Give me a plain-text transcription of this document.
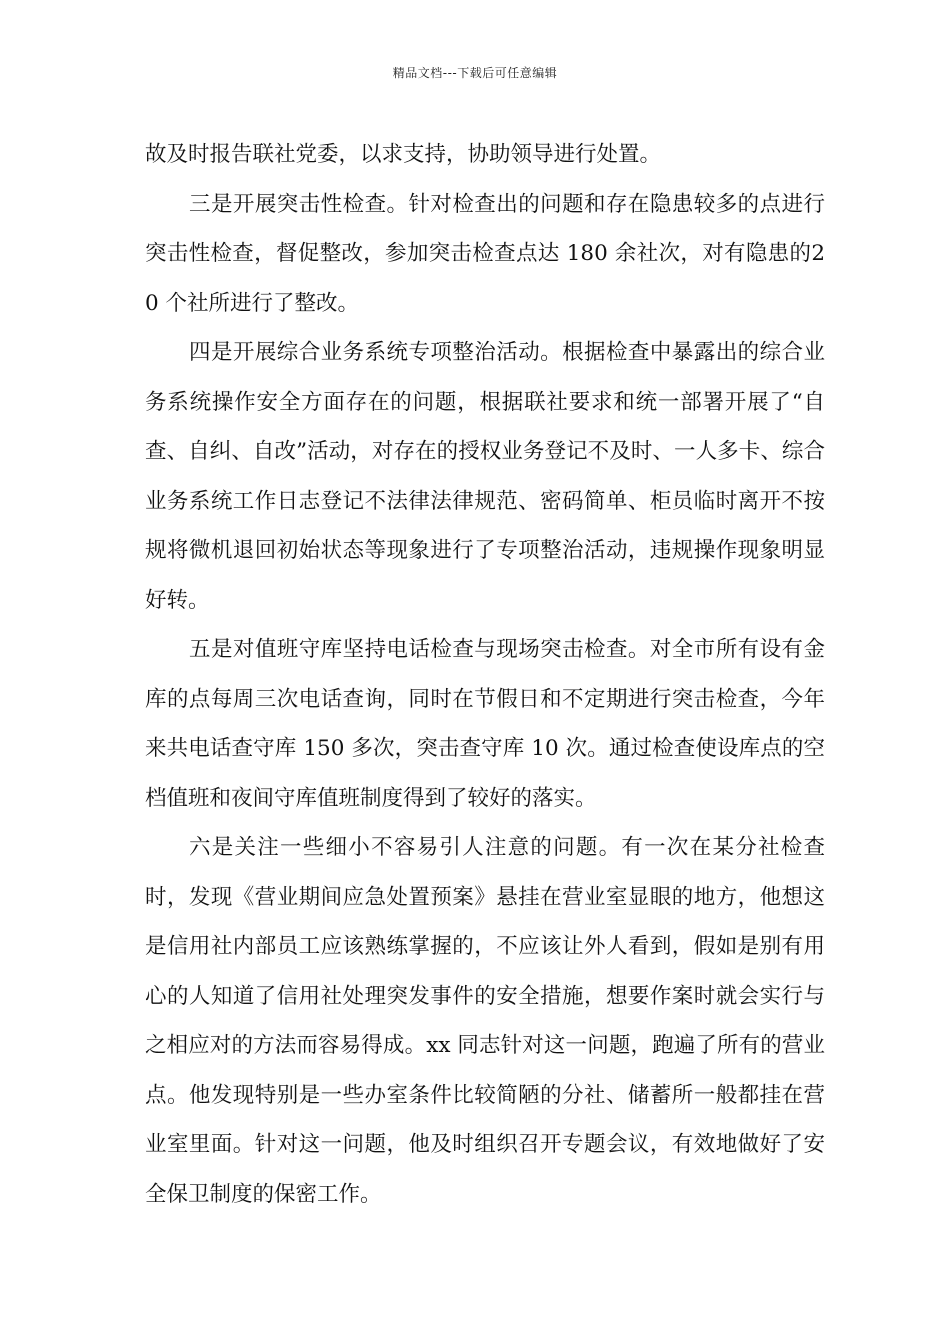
精品文档---下载后可任意编辑

故及时报告联社党委，以求支持，协助领导进行处置。

三是开展突击性检查。针对检查出的问题和存在隐患较多的点进行突击性检查，督促整改，参加突击检查点达 180 余社次，对有隐患的20 个社所进行了整改。

四是开展综合业务系统专项整治活动。根据检查中暴露出的综合业务系统操作安全方面存在的问题，根据联社要求和统一部署开展了“自查、自纠、自改”活动，对存在的授权业务登记不及时、一人多卡、综合业务系统工作日志登记不法律法律规范、密码简单、柜员临时离开不按规将微机退回初始状态等现象进行了专项整治活动，违规操作现象明显好转。

五是对值班守库坚持电话检查与现场突击检查。对全市所有设有金库的点每周三次电话查询，同时在节假日和不定期进行突击检查，今年来共电话查守库 150 多次，突击查守库 10 次。通过检查使设库点的空档值班和夜间守库值班制度得到了较好的落实。

六是关注一些细小不容易引人注意的问题。有一次在某分社检查时，发现《营业期间应急处置预案》悬挂在营业室显眼的地方，他想这是信用社内部员工应该熟练掌握的，不应该让外人看到，假如是别有用心的人知道了信用社处理突发事件的安全措施，想要作案时就会实行与之相应对的方法而容易得成。xx 同志针对这一问题，跑遍了所有的营业点。他发现特别是一些办室条件比较简陋的分社、储蓄所一般都挂在营业室里面。针对这一问题，他及时组织召开专题会议，有效地做好了安全保卫制度的保密工作。
